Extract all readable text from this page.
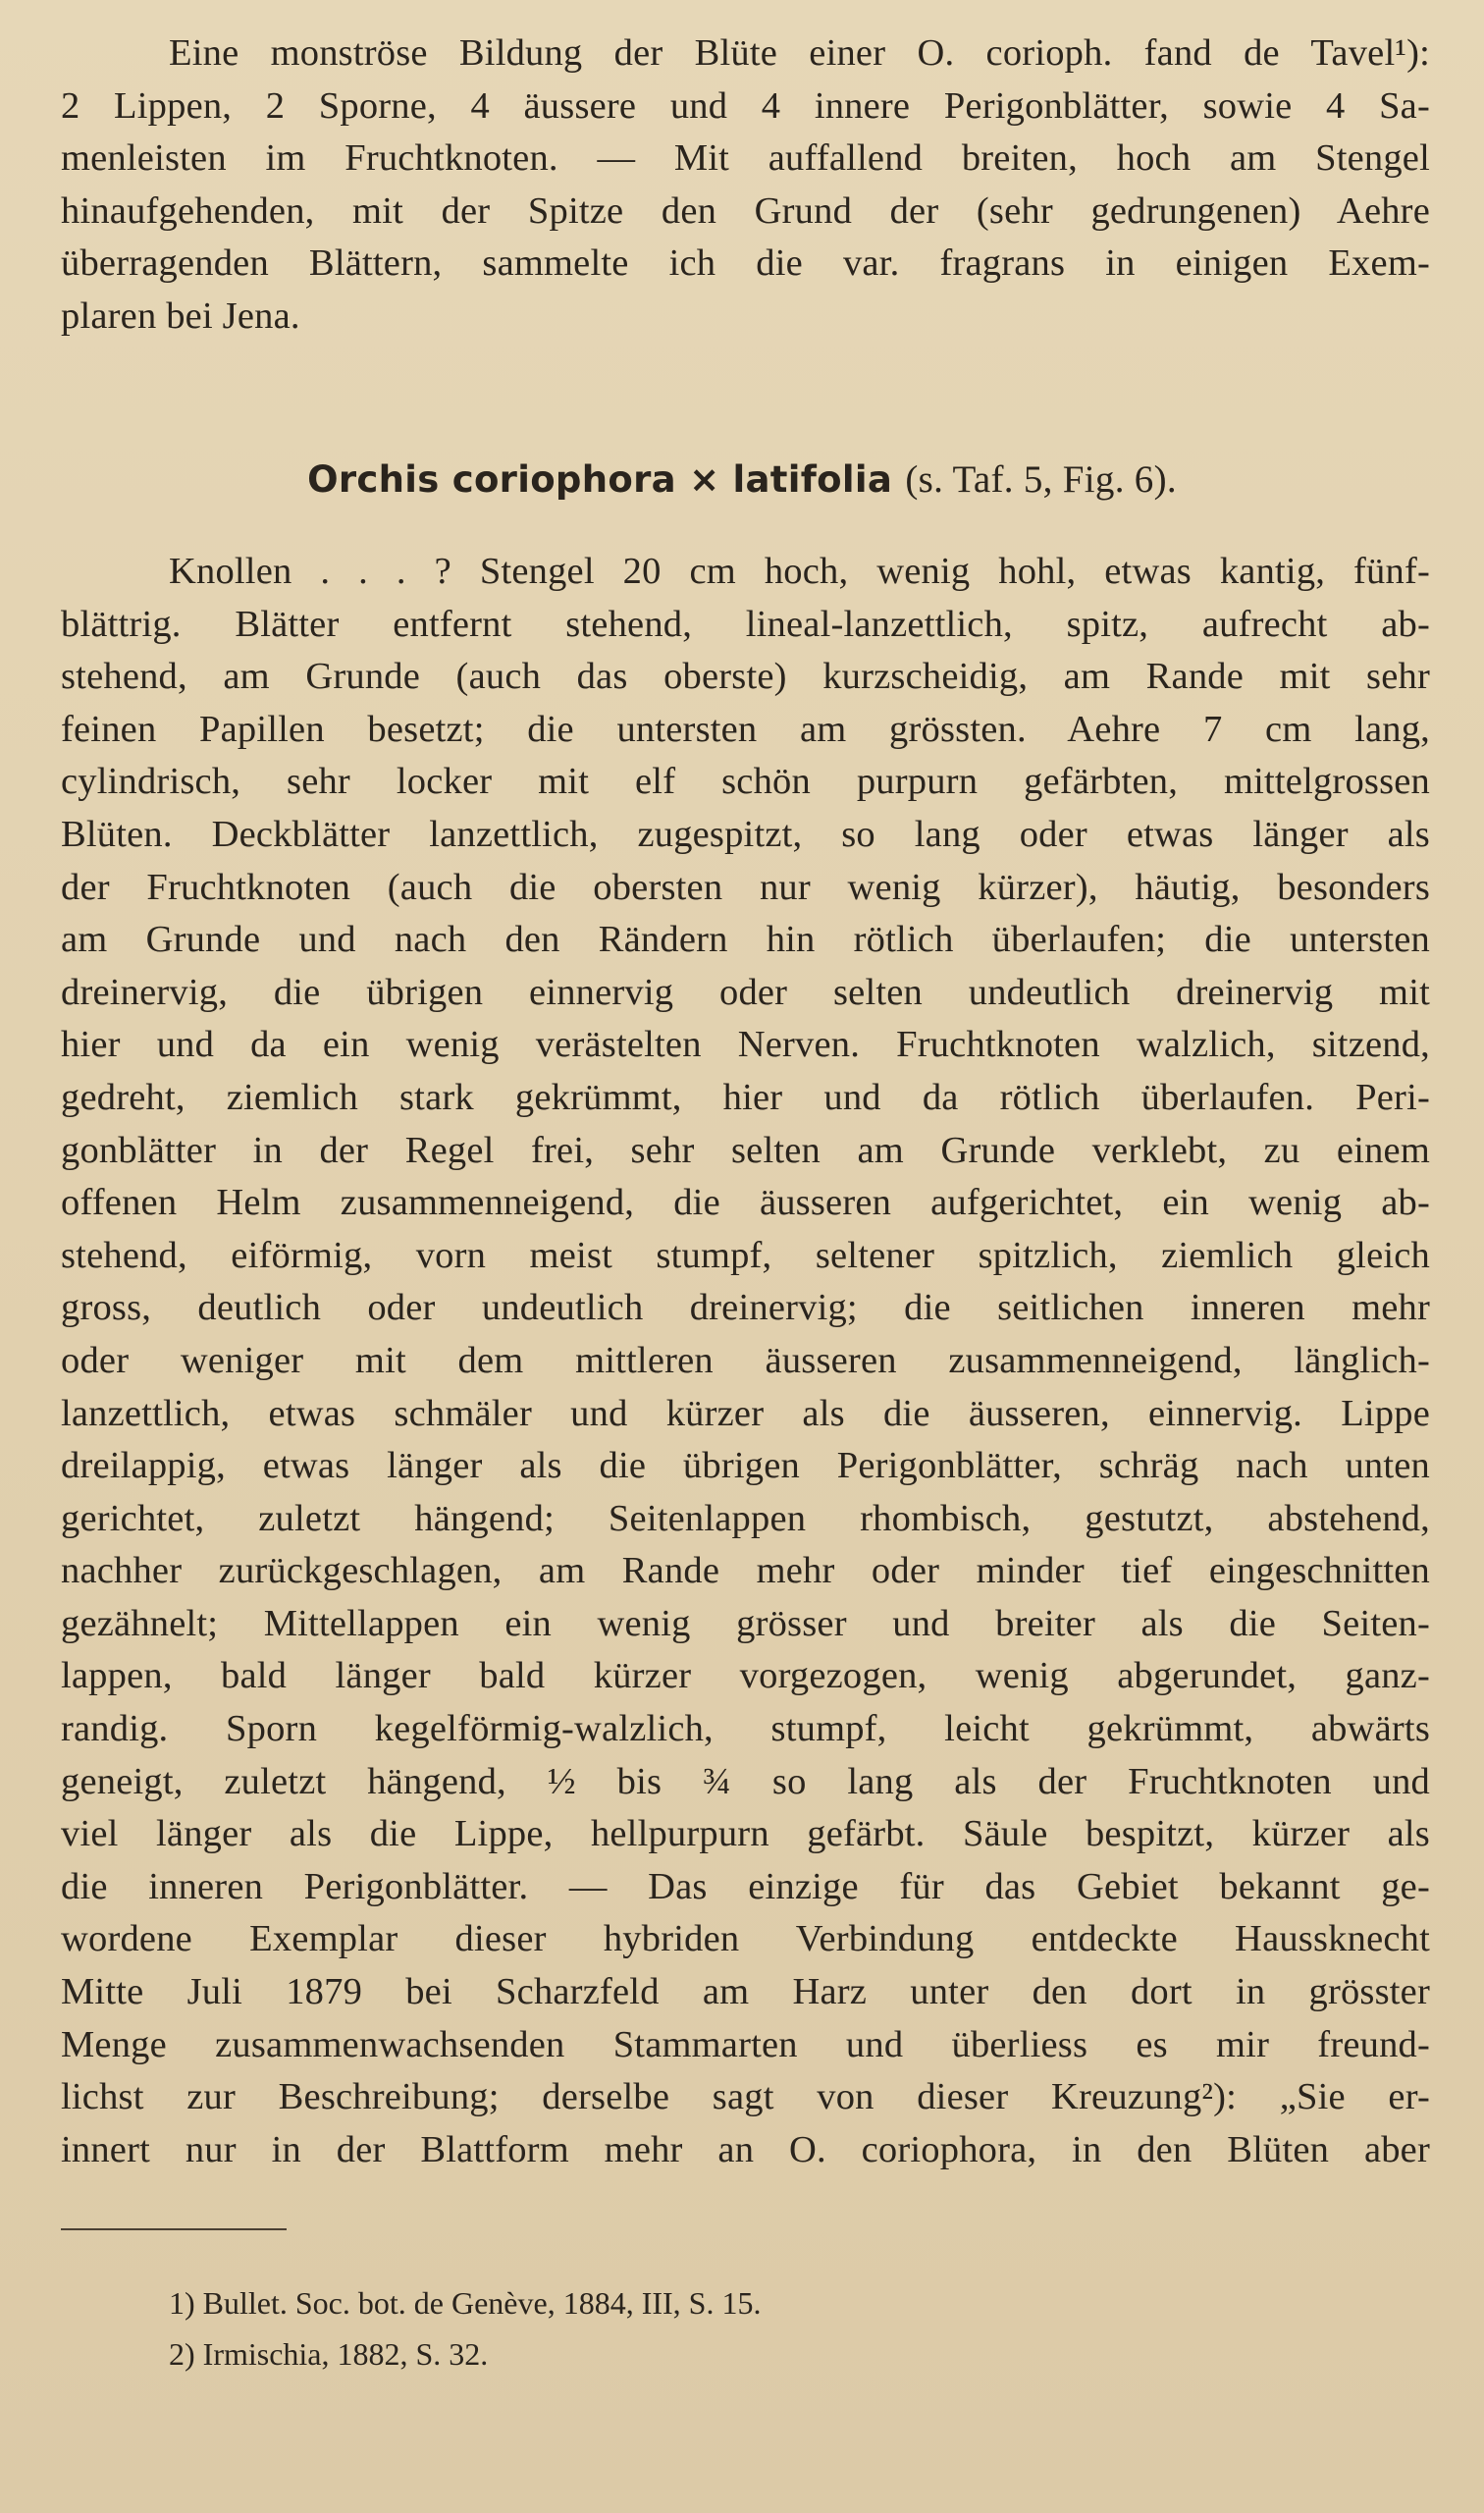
Eine monströse Bildung der Blüte einer O. corioph. fand de Tavel¹):
2 Lippen, 2 Sporne, 4 äussere und 4 innere Perigonblätter, sowie 4 Sa-
menleisten im Fruchtknoten. — Mit auffallend breiten, hoch am Stengel
hinaufgehenden, mit der Spitze den Grund der (sehr gedrungenen) Aehre
überragenden Blättern, sammelte ich die var. fragrans in einigen Exem-
plaren bei Jena.

Orchis coriophora × latifolia (s. Taf. 5, Fig. 6).

Knollen . . . ? Stengel 20 cm hoch, wenig hohl, etwas kantig, fünf-
blättrig. Blätter entfernt stehend, lineal-lanzettlich, spitz, aufrecht ab-
stehend, am Grunde (auch das oberste) kurzscheidig, am Rande mit sehr
feinen Papillen besetzt; die untersten am grössten. Aehre 7 cm lang,
cylindrisch, sehr locker mit elf schön purpurn gefärbten, mittelgrossen
Blüten. Deckblätter lanzettlich, zugespitzt, so lang oder etwas länger als
der Fruchtknoten (auch die obersten nur wenig kürzer), häutig, besonders
am Grunde und nach den Rändern hin rötlich überlaufen; die untersten
dreinervig, die übrigen einnervig oder selten undeutlich dreinervig mit
hier und da ein wenig verästelten Nerven. Fruchtknoten walzlich, sitzend,
gedreht, ziemlich stark gekrümmt, hier und da rötlich überlaufen. Peri-
gonblätter in der Regel frei, sehr selten am Grunde verklebt, zu einem
offenen Helm zusammenneigend, die äusseren aufgerichtet, ein wenig ab-
stehend, eiförmig, vorn meist stumpf, seltener spitzlich, ziemlich gleich
gross, deutlich oder undeutlich dreinervig; die seitlichen inneren mehr
oder weniger mit dem mittleren äusseren zusammenneigend, länglich-
lanzettlich, etwas schmäler und kürzer als die äusseren, einnervig. Lippe
dreilappig, etwas länger als die übrigen Perigonblätter, schräg nach unten
gerichtet, zuletzt hängend; Seitenlappen rhombisch, gestutzt, abstehend,
nachher zurückgeschlagen, am Rande mehr oder minder tief eingeschnitten
gezähnelt; Mittellappen ein wenig grösser und breiter als die Seiten-
lappen, bald länger bald kürzer vorgezogen, wenig abgerundet, ganz-
randig. Sporn kegelförmig-walzlich, stumpf, leicht gekrümmt, abwärts
geneigt, zuletzt hängend, ½ bis ¾ so lang als der Fruchtknoten und
viel länger als die Lippe, hellpurpurn gefärbt. Säule bespitzt, kürzer als
die inneren Perigonblätter. — Das einzige für das Gebiet bekannt ge-
wordene Exemplar dieser hybriden Verbindung entdeckte Haussknecht
Mitte Juli 1879 bei Scharzfeld am Harz unter den dort in grösster
Menge zusammenwachsenden Stammarten und überliess es mir freund-
lichst zur Beschreibung; derselbe sagt von dieser Kreuzung²): „Sie er-
innert nur in der Blattform mehr an O. coriophora, in den Blüten aber

1) Bullet. Soc. bot. de Genève, 1884, III, S. 15.
2) Irmischia, 1882, S. 32.
